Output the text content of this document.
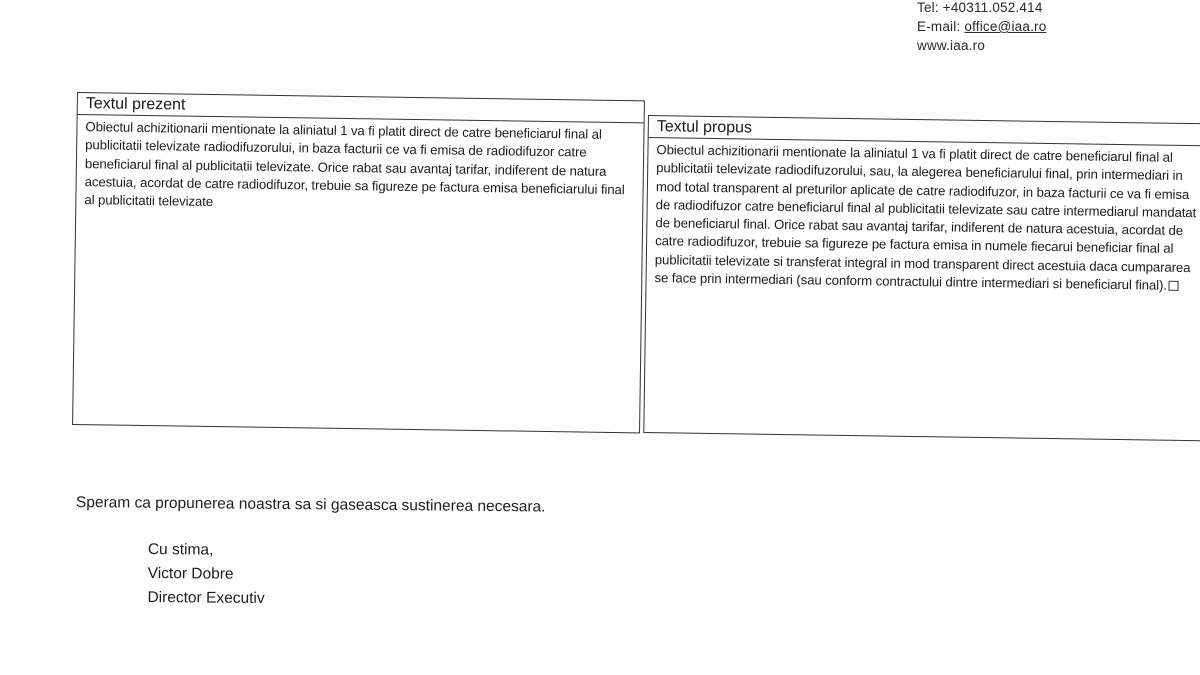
Tel: +40311.052.414
E-mail: office@iaa.ro
www.iaa.ro
Textul prezent
Obiectul achizitionarii mentionate la aliniatul 1 va fi platit direct de catre beneficiarul final al publicitatii televizate radiodifuzorului, in baza facturii ce va fi emisa de radiodifuzor catre beneficiarul final al publicitatii televizate. Orice rabat sau avantaj tarifar, indiferent de natura acestuia, acordat de catre radiodifuzor, trebuie sa figureze pe factura emisa beneficiarului final al publicitatii televizate
Textul propus
Obiectul achizitionarii mentionate la aliniatul 1 va fi platit direct de catre beneficiarul final al publicitatii televizate radiodifuzorului, sau, la alegerea beneficiarului final, prin intermediari in mod total transparent al preturilor aplicate de catre radiodifuzor, in baza facturii ce va fi emisa de radiodifuzor catre beneficiarul final al publicitatii televizate sau catre intermediarul mandatat de beneficiarul final. Orice rabat sau avantaj tarifar, indiferent de natura acestuia, acordat de catre radiodifuzor, trebuie sa figureze pe factura emisa in numele fiecarui beneficiar final al publicitatii televizate si transferat integral in mod transparent direct acestuia daca cumpararea se face prin intermediari (sau conform contractului dintre intermediari si beneficiarul final).
Speram ca propunerea noastra sa si gaseasca sustinerea necesara.
Cu stima,
Victor Dobre
Director Executiv
